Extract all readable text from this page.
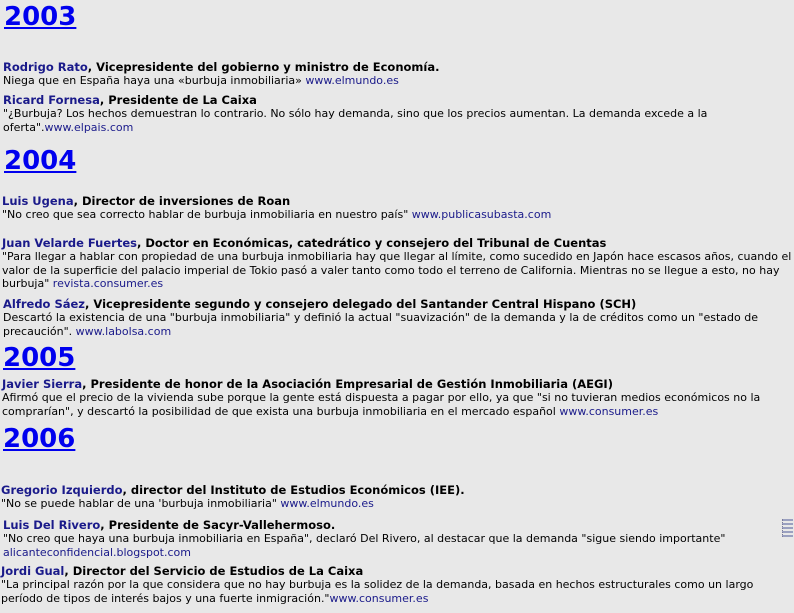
2003
2004
2005
2006
Rodrigo Rato, Vicepresidente del gobierno y ministro de Economía.
Niega que en España haya una «burbuja inmobiliaria» www.elmundo.es
Ricard Fornesa, Presidente de La Caixa
"¿Burbuja? Los hechos demuestran lo contrario. No sólo hay demanda, sino que los precios aumentan. La demanda excede a la oferta".www.elpais.com
Luis Ugena, Director de inversiones de Roan
"No creo que sea correcto hablar de burbuja inmobiliaria en nuestro país" www.publicasubasta.com
Juan Velarde Fuertes, Doctor en Económicas, catedrático y consejero del Tribunal de Cuentas
"Para llegar a hablar con propiedad de una burbuja inmobiliaria hay que llegar al límite, como sucedido en Japón hace escasos años, cuando el valor de la superficie del palacio imperial de Tokio pasó a valer tanto como todo el terreno de California. Mientras no se llegue a esto, no hay burbuja" revista.consumer.es
Alfredo Sáez, Vicepresidente segundo y consejero delegado del Santander Central Hispano (SCH)
Descartó la existencia de una "burbuja inmobiliaria" y definió la actual "suavización" de la demanda y la de créditos como un "estado de precaución". www.labolsa.com
Javier Sierra, Presidente de honor de la Asociación Empresarial de Gestión Inmobiliaria (AEGI)
Afirmó que el precio de la vivienda sube porque la gente está dispuesta a pagar por ello, ya que "si no tuvieran medios económicos no la comprarían", y descartó la posibilidad de que exista una burbuja inmobiliaria en el mercado español www.consumer.es
Gregorio Izquierdo, director del Instituto de Estudios Económicos (IEE).
"No se puede hablar de una 'burbuja inmobiliaria" www.elmundo.es
Luis Del Rivero, Presidente de Sacyr-Vallehermoso.
"No creo que haya una burbuja inmobiliaria en España", declaró Del Rivero, al destacar que la demanda "sigue siendo importante" alicanteconfidencial.blogspot.com
Jordi Gual, Director del Servicio de Estudios de La Caixa
"La principal razón por la que considera que no hay burbuja es la solidez de la demanda, basada en hechos estructurales como un largo período de tipos de interés bajos y una fuerte inmigración."www.consumer.es
